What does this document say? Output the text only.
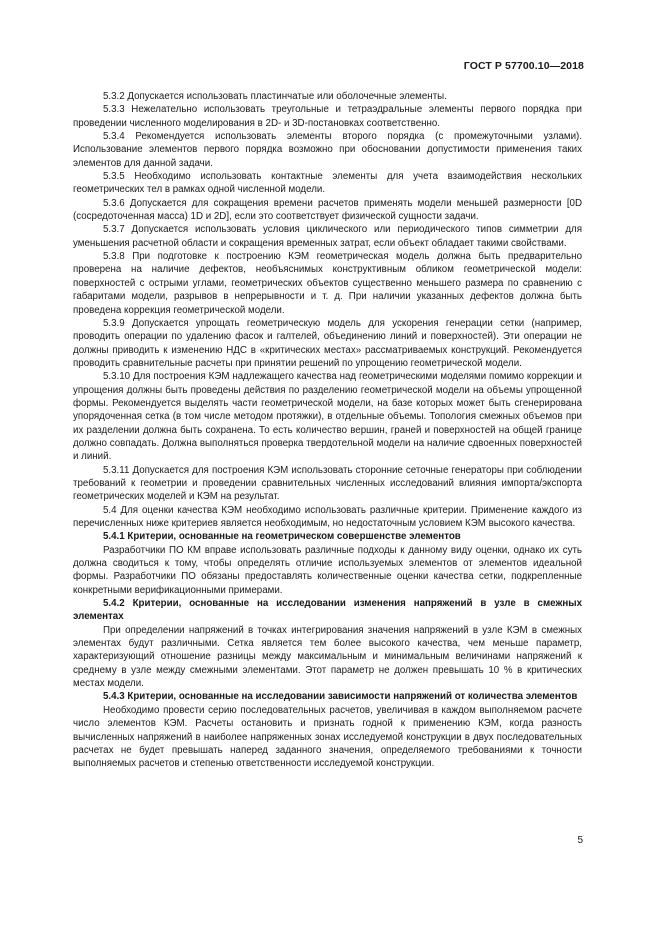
ГОСТ Р 57700.10—2018

5.3.2 Допускается использовать пластинчатые или оболочечные элементы.

5.3.3 Нежелательно использовать треугольные и тетраэдральные элементы первого порядка при проведении численного моделирования в 2D- и 3D-постановках соответственно.

5.3.4 Рекомендуется использовать элементы второго порядка (с промежуточными узлами). Использование элементов первого порядка возможно при обосновании допустимости применения таких элементов для данной задачи.

5.3.5 Необходимо использовать контактные элементы для учета взаимодействия нескольких геометрических тел в рамках одной численной модели.

5.3.6 Допускается для сокращения времени расчетов применять модели меньшей размерности [0D (сосредоточенная масса) 1D и 2D], если это соответствует физической сущности задачи.

5.3.7 Допускается использовать условия циклического или периодического типов симметрии для уменьшения расчетной области и сокращения временных затрат, если объект обладает такими свойствами.

5.3.8 При подготовке к построению КЭМ геометрическая модель должна быть предварительно проверена на наличие дефектов, необъяснимых конструктивным обликом геометрической модели: поверхностей с острыми углами, геометрических объектов существенно меньшего размера по сравнению с габаритами модели, разрывов в непрерывности и т. д. При наличии указанных дефектов должна быть проведена коррекция геометрической модели.

5.3.9 Допускается упрощать геометрическую модель для ускорения генерации сетки (например, проводить операции по удалению фасок и галтелей, объединению линий и поверхностей). Эти операции не должны приводить к изменению НДС в «критических местах» рассматриваемых конструкций. Рекомендуется проводить сравнительные расчеты при принятии решений по упрощению геометрической модели.

5.3.10 Для построения КЭМ надлежащего качества над геометрическими моделями помимо коррекции и упрощения должны быть проведены действия по разделению геометрической модели на объемы упрощенной формы. Рекомендуется выделять части геометрической модели, на базе которых может быть сгенерирована упорядоченная сетка (в том числе методом протяжки), в отдельные объемы. Топология смежных объемов при их разделении должна быть сохранена. То есть количество вершин, граней и поверхностей на общей границе должно совпадать. Должна выполняться проверка твердотельной модели на наличие сдвоенных поверхностей и линий.

5.3.11 Допускается для построения КЭМ использовать сторонние сеточные генераторы при соблюдении требований к геометрии и проведении сравнительных численных исследований влияния импорта/экспорта геометрических моделей и КЭМ на результат.

5.4 Для оценки качества КЭМ необходимо использовать различные критерии. Применение каждого из перечисленных ниже критериев является необходимым, но недостаточным условием КЭМ высокого качества.

5.4.1 Критерии, основанные на геометрическом совершенстве элементов

Разработчики ПО КМ вправе использовать различные подходы к данному виду оценки, однако их суть должна сводиться к тому, чтобы определять отличие используемых элементов от элементов идеальной формы. Разработчики ПО обязаны предоставлять количественные оценки качества сетки, подкрепленные конкретными верификационными примерами.

5.4.2 Критерии, основанные на исследовании изменения напряжений в узле в смежных элементах

При определении напряжений в точках интегрирования значения напряжений в узле КЭМ в смежных элементах будут различными. Сетка является тем более высокого качества, чем меньше параметр, характеризующий отношение разницы между максимальным и минимальным величинами напряжений к среднему в узле между смежными элементами. Этот параметр не должен превышать 10 % в критических местах модели.

5.4.3 Критерии, основанные на исследовании зависимости напряжений от количества элементов

Необходимо провести серию последовательных расчетов, увеличивая в каждом выполняемом расчете число элементов КЭМ. Расчеты остановить и признать годной к применению КЭМ, когда разность вычисленных напряжений в наиболее напряженных зонах исследуемой конструкции в двух последовательных расчетах не будет превышать наперед заданного значения, определяемого требованиями к точности выполняемых расчетов и степенью ответственности исследуемой конструкции.

5
